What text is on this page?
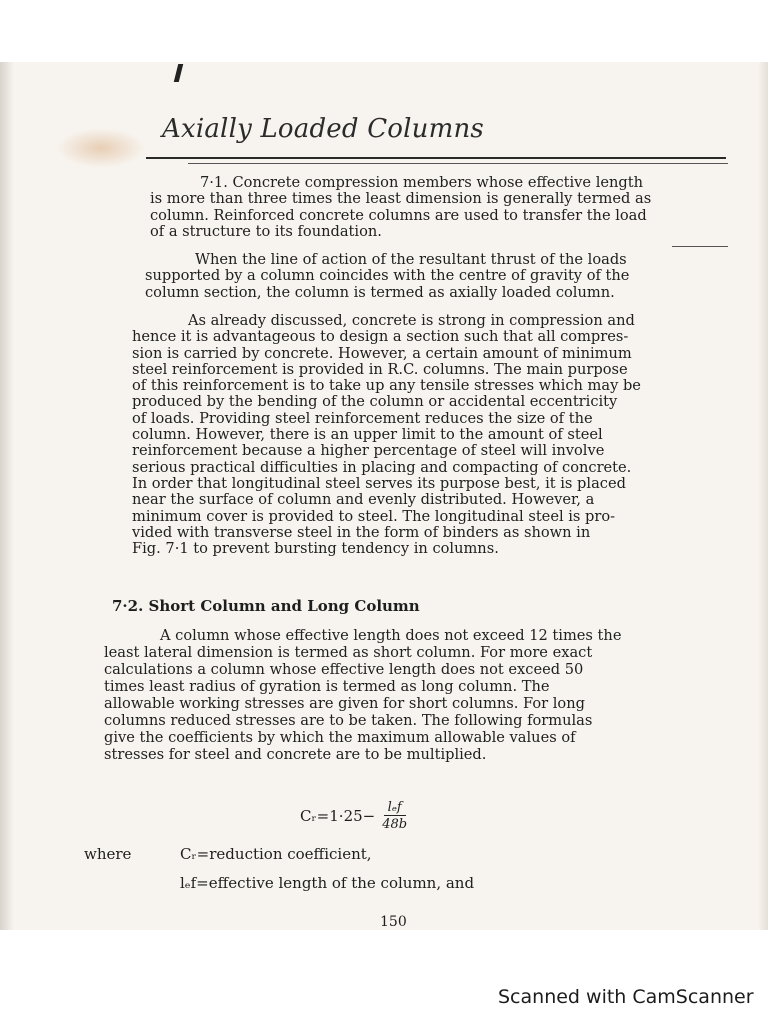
Axially Loaded Columns

7·1. Concrete compression members whose effective length
is more than three times the least dimension is generally termed as
column. Reinforced concrete columns are used to transfer the load
of a structure to its foundation.

When the line of action of the resultant thrust of the loads
supported by a column coincides with the centre of gravity of the
column section, the column is termed as axially loaded column.

As already discussed, concrete is strong in compression and
hence it is advantageous to design a section such that all compres-
sion is carried by concrete. However, a certain amount of minimum
steel reinforcement is provided in R.C. columns. The main purpose
of this reinforcement is to take up any tensile stresses which may be
produced by the bending of the column or accidental eccentricity
of loads. Providing steel reinforcement reduces the size of the
column. However, there is an upper limit to the amount of steel
reinforcement because a higher percentage of steel will involve
serious practical difficulties in placing and compacting of concrete.
In order that longitudinal steel serves its purpose best, it is placed
near the surface of column and evenly distributed. However, a
minimum cover is provided to steel. The longitudinal steel is pro-
vided with transverse steel in the form of binders as shown in
Fig. 7·1 to prevent bursting tendency in columns.

7·2. Short Column and Long Column

A column whose effective length does not exceed 12 times the
least lateral dimension is termed as short column. For more exact
calculations a column whose effective length does not exceed 50
times least radius of gyration is termed as long column. The
allowable working stresses are given for short columns. For long
columns reduced stresses are to be taken. The following formulas
give the coefficients by which the maximum allowable values of
stresses for steel and concrete are to be multiplied.

Cᵣ=1·25− $\frac{\text{lₑf}}{48b}$

where	Cᵣ=reduction coefficient,

lₑf=effective length of the column, and

150

Scanned with CamScanner
